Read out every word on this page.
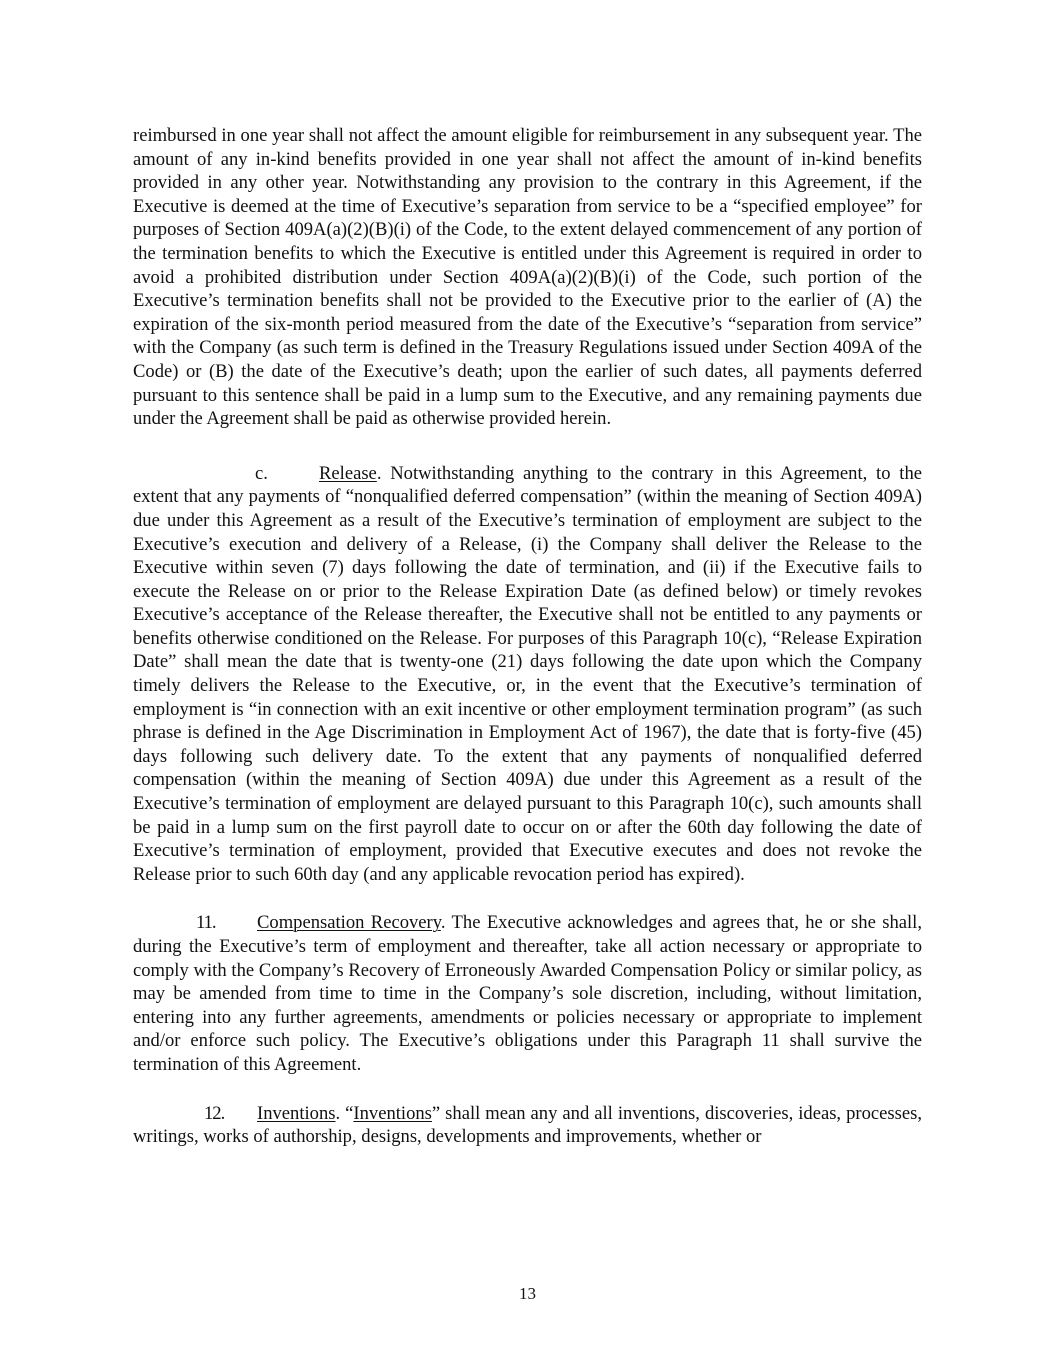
reimbursed in one year shall not affect the amount eligible for reimbursement in any subsequent year. The amount of any in-kind benefits provided in one year shall not affect the amount of in-kind benefits provided in any other year. Notwithstanding any provision to the contrary in this Agreement, if the Executive is deemed at the time of Executive’s separation from service to be a “specified employee” for purposes of Section 409A(a)(2)(B)(i) of the Code, to the extent delayed commencement of any portion of the termination benefits to which the Executive is entitled under this Agreement is required in order to avoid a prohibited distribution under Section 409A(a)(2)(B)(i) of the Code, such portion of the Executive’s termination benefits shall not be provided to the Executive prior to the earlier of (A) the expiration of the six-month period measured from the date of the Executive’s “separation from service” with the Company (as such term is defined in the Treasury Regulations issued under Section 409A of the Code) or (B) the date of the Executive’s death; upon the earlier of such dates, all payments deferred pursuant to this sentence shall be paid in a lump sum to the Executive, and any remaining payments due under the Agreement shall be paid as otherwise provided herein.

c.	Release. Notwithstanding anything to the contrary in this Agreement, to the extent that any payments of “nonqualified deferred compensation” (within the meaning of Section 409A) due under this Agreement as a result of the Executive’s termination of employment are subject to the Executive’s execution and delivery of a Release, (i) the Company shall deliver the Release to the Executive within seven (7) days following the date of termination, and (ii) if the Executive fails to execute the Release on or prior to the Release Expiration Date (as defined below) or timely revokes Executive’s acceptance of the Release thereafter, the Executive shall not be entitled to any payments or benefits otherwise conditioned on the Release. For purposes of this Paragraph 10(c), “Release Expiration Date” shall mean the date that is twenty-one (21) days following the date upon which the Company timely delivers the Release to the Executive, or, in the event that the Executive’s termination of employment is “in connection with an exit incentive or other employment termination program” (as such phrase is defined in the Age Discrimination in Employment Act of 1967), the date that is forty-five (45) days following such delivery date. To the extent that any payments of nonqualified deferred compensation (within the meaning of Section 409A) due under this Agreement as a result of the Executive’s termination of employment are delayed pursuant to this Paragraph 10(c), such amounts shall be paid in a lump sum on the first payroll date to occur on or after the 60th day following the date of Executive’s termination of employment, provided that Executive executes and does not revoke the Release prior to such 60th day (and any applicable revocation period has expired).

11. Compensation Recovery. The Executive acknowledges and agrees that, he or she shall, during the Executive’s term of employment and thereafter, take all action necessary or appropriate to comply with the Company’s Recovery of Erroneously Awarded Compensation Policy or similar policy, as may be amended from time to time in the Company’s sole discretion, including, without limitation, entering into any further agreements, amendments or policies necessary or appropriate to implement and/or enforce such policy. The Executive’s obligations under this Paragraph 11 shall survive the termination of this Agreement.

12. Inventions. “Inventions” shall mean any and all inventions, discoveries, ideas, processes, writings, works of authorship, designs, developments and improvements, whether or

13
